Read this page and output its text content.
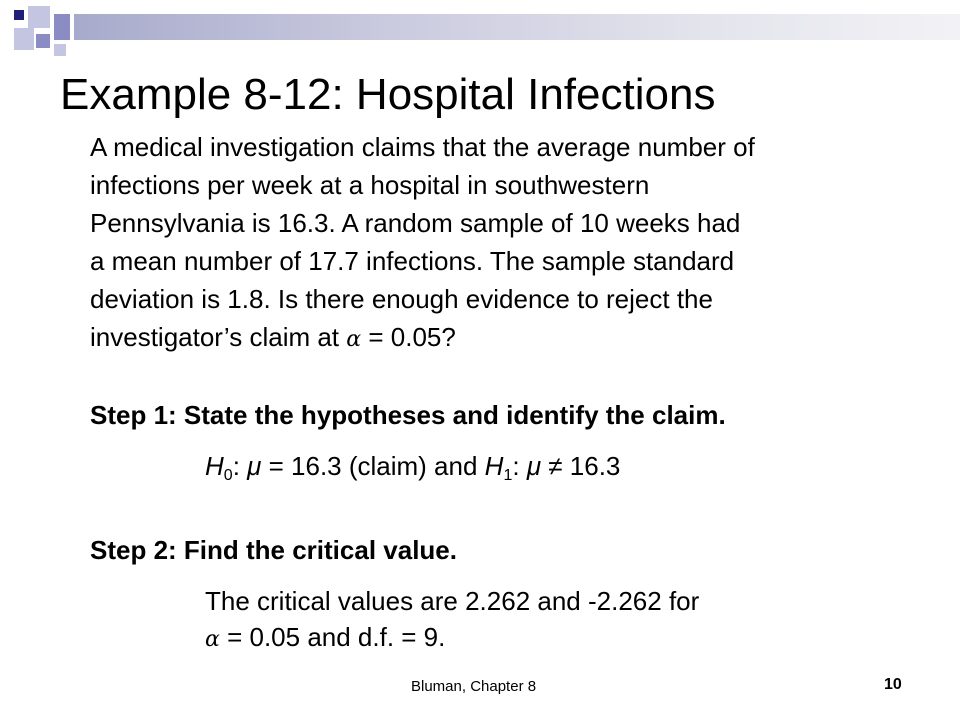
Example 8-12: Hospital Infections

A medical investigation claims that the average number of

infections per week at a hospital in southwestern

Pennsylvania is 16.3. A random sample of 10 weeks had

a mean number of 17.7 infections. The sample standard

deviation is 1.8. Is there enough evidence to reject the

investigator’s claim at α = 0.05?

Step 1: State the hypotheses and identify the claim.
$H_0$: μ = 16.3 (claim) and $H_1$: μ ≠ 16.3
Step 2: Find the critical value.
The critical values are 2.262 and -2.262 for
α = 0.05 and d.f. = 9.
Bluman, Chapter 8	10
